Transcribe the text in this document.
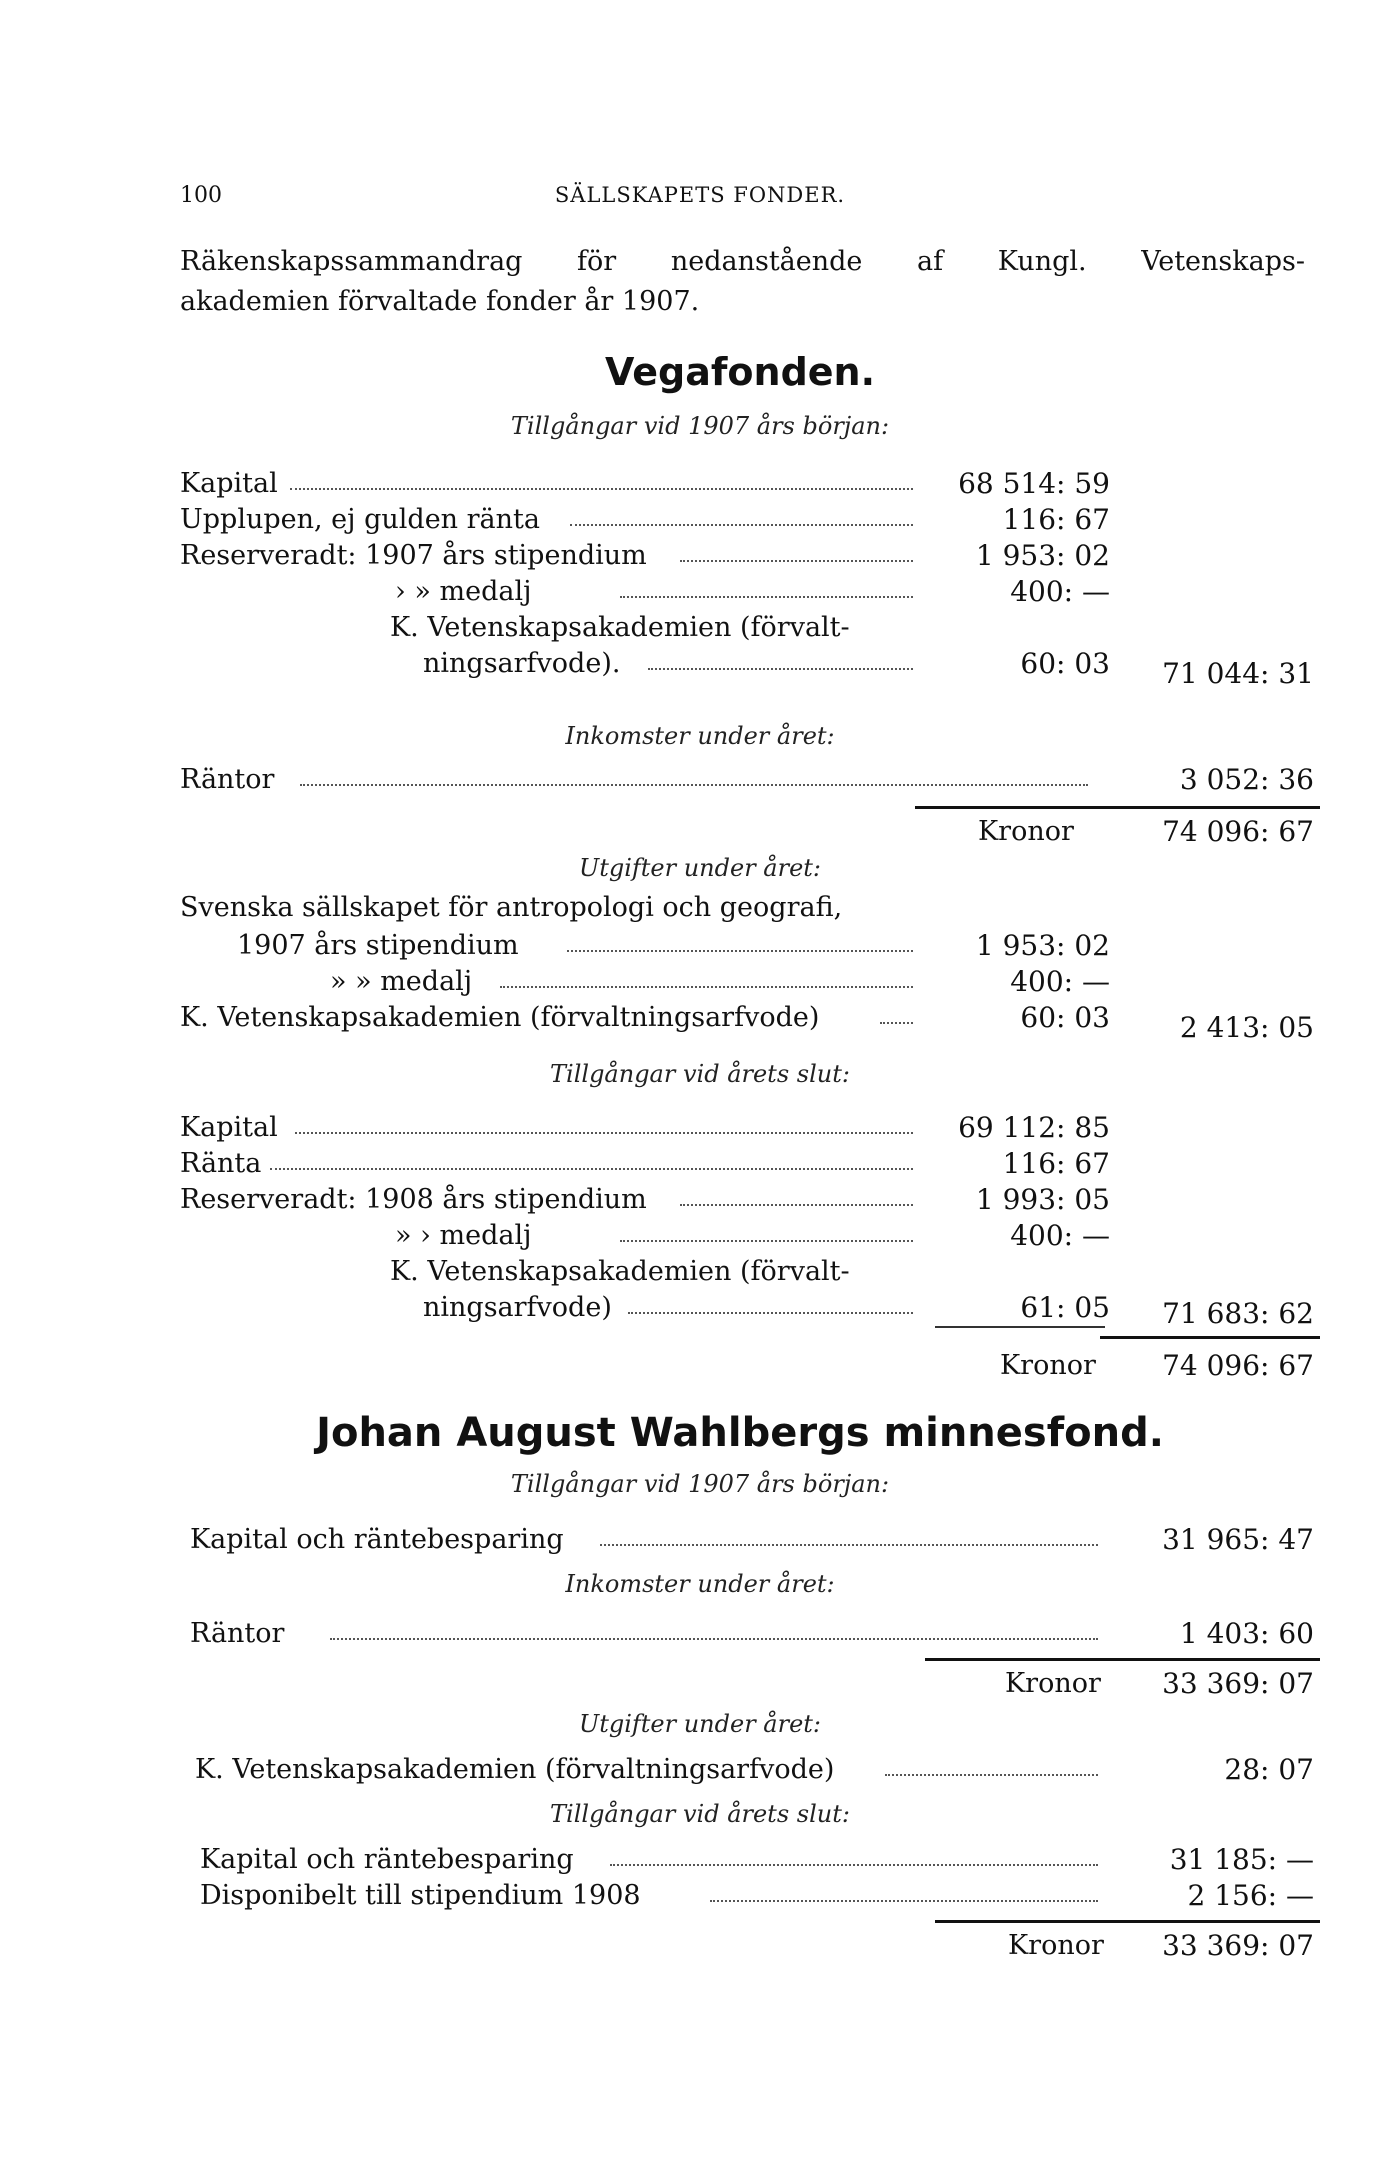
100	SÄLLSKAPETS FONDER.
Räkenskapssammandrag för nedanstående af Kungl. Vetenskaps-
akademien förvaltade fonder år 1907.
Vegafonden.
Tillgångar vid 1907 års början:
Kapital	68 514: 59
Upplupen, ej gulden ränta	116: 67
Reserveradt: 1907 års stipendium	1 953: 02
› » medalj	400: —
K. Vetenskapsakademien (förvalt-
ningsarfvode).	60: 03	71 044: 31
Inkomster under året:
Räntor	3 052: 36
Kronor	74 096: 67
Utgifter under året:
Svenska sällskapet för antropologi och geografi,
1907 års stipendium	1 953: 02
» » medalj	400: —
K. Vetenskapsakademien (förvaltningsarfvode)	60: 03	2 413: 05
Tillgångar vid årets slut:
Kapital	69 112: 85
Ränta	116: 67
Reserveradt: 1908 års stipendium	1 993: 05
» › medalj	400: —
K. Vetenskapsakademien (förvalt-
ningsarfvode)	61: 05	71 683: 62
Kronor	74 096: 67
Johan August Wahlbergs minnesfond.
Tillgångar vid 1907 års början:
Kapital och räntebesparing	31 965: 47
Inkomster under året:
Räntor	1 403: 60
Kronor	33 369: 07
Utgifter under året:
K. Vetenskapsakademien (förvaltningsarfvode)	28: 07
Tillgångar vid årets slut:
Kapital och räntebesparing	31 185: —
Disponibelt till stipendium 1908	2 156: —
Kronor	33 369: 07
